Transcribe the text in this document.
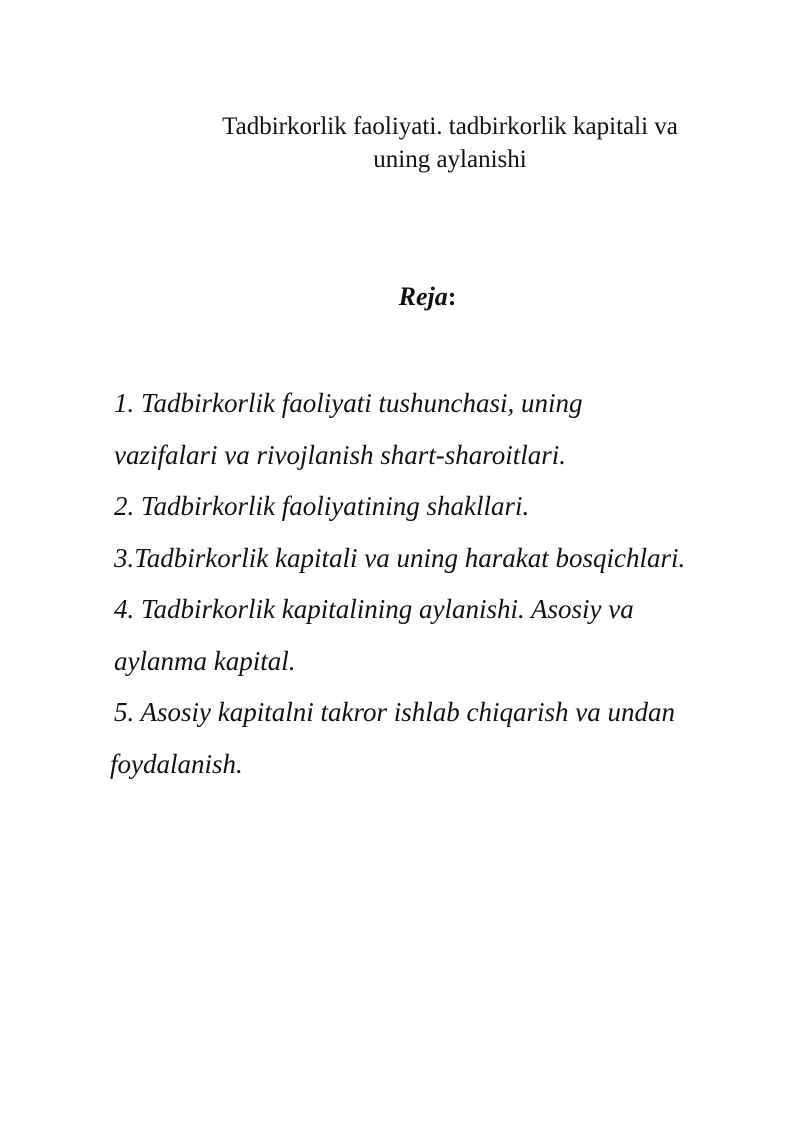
Tadbirkorlik faoliyati. tadbirkorlik kapitali va
uning aylanishi

Reja:

1. Tadbirkorlik faoliyati tushunchasi, uning
vazifalari va rivojlanish shart-sharoitlari.
2. Tadbirkorlik faoliyatining shakllari.
3.Tadbirkorlik kapitali va uning harakat bosqichlari.
4. Tadbirkorlik kapitalining aylanishi. Asosiy va
aylanma kapital.
5. Asosiy kapitalni takror ishlab chiqarish va undan
foydalanish.
